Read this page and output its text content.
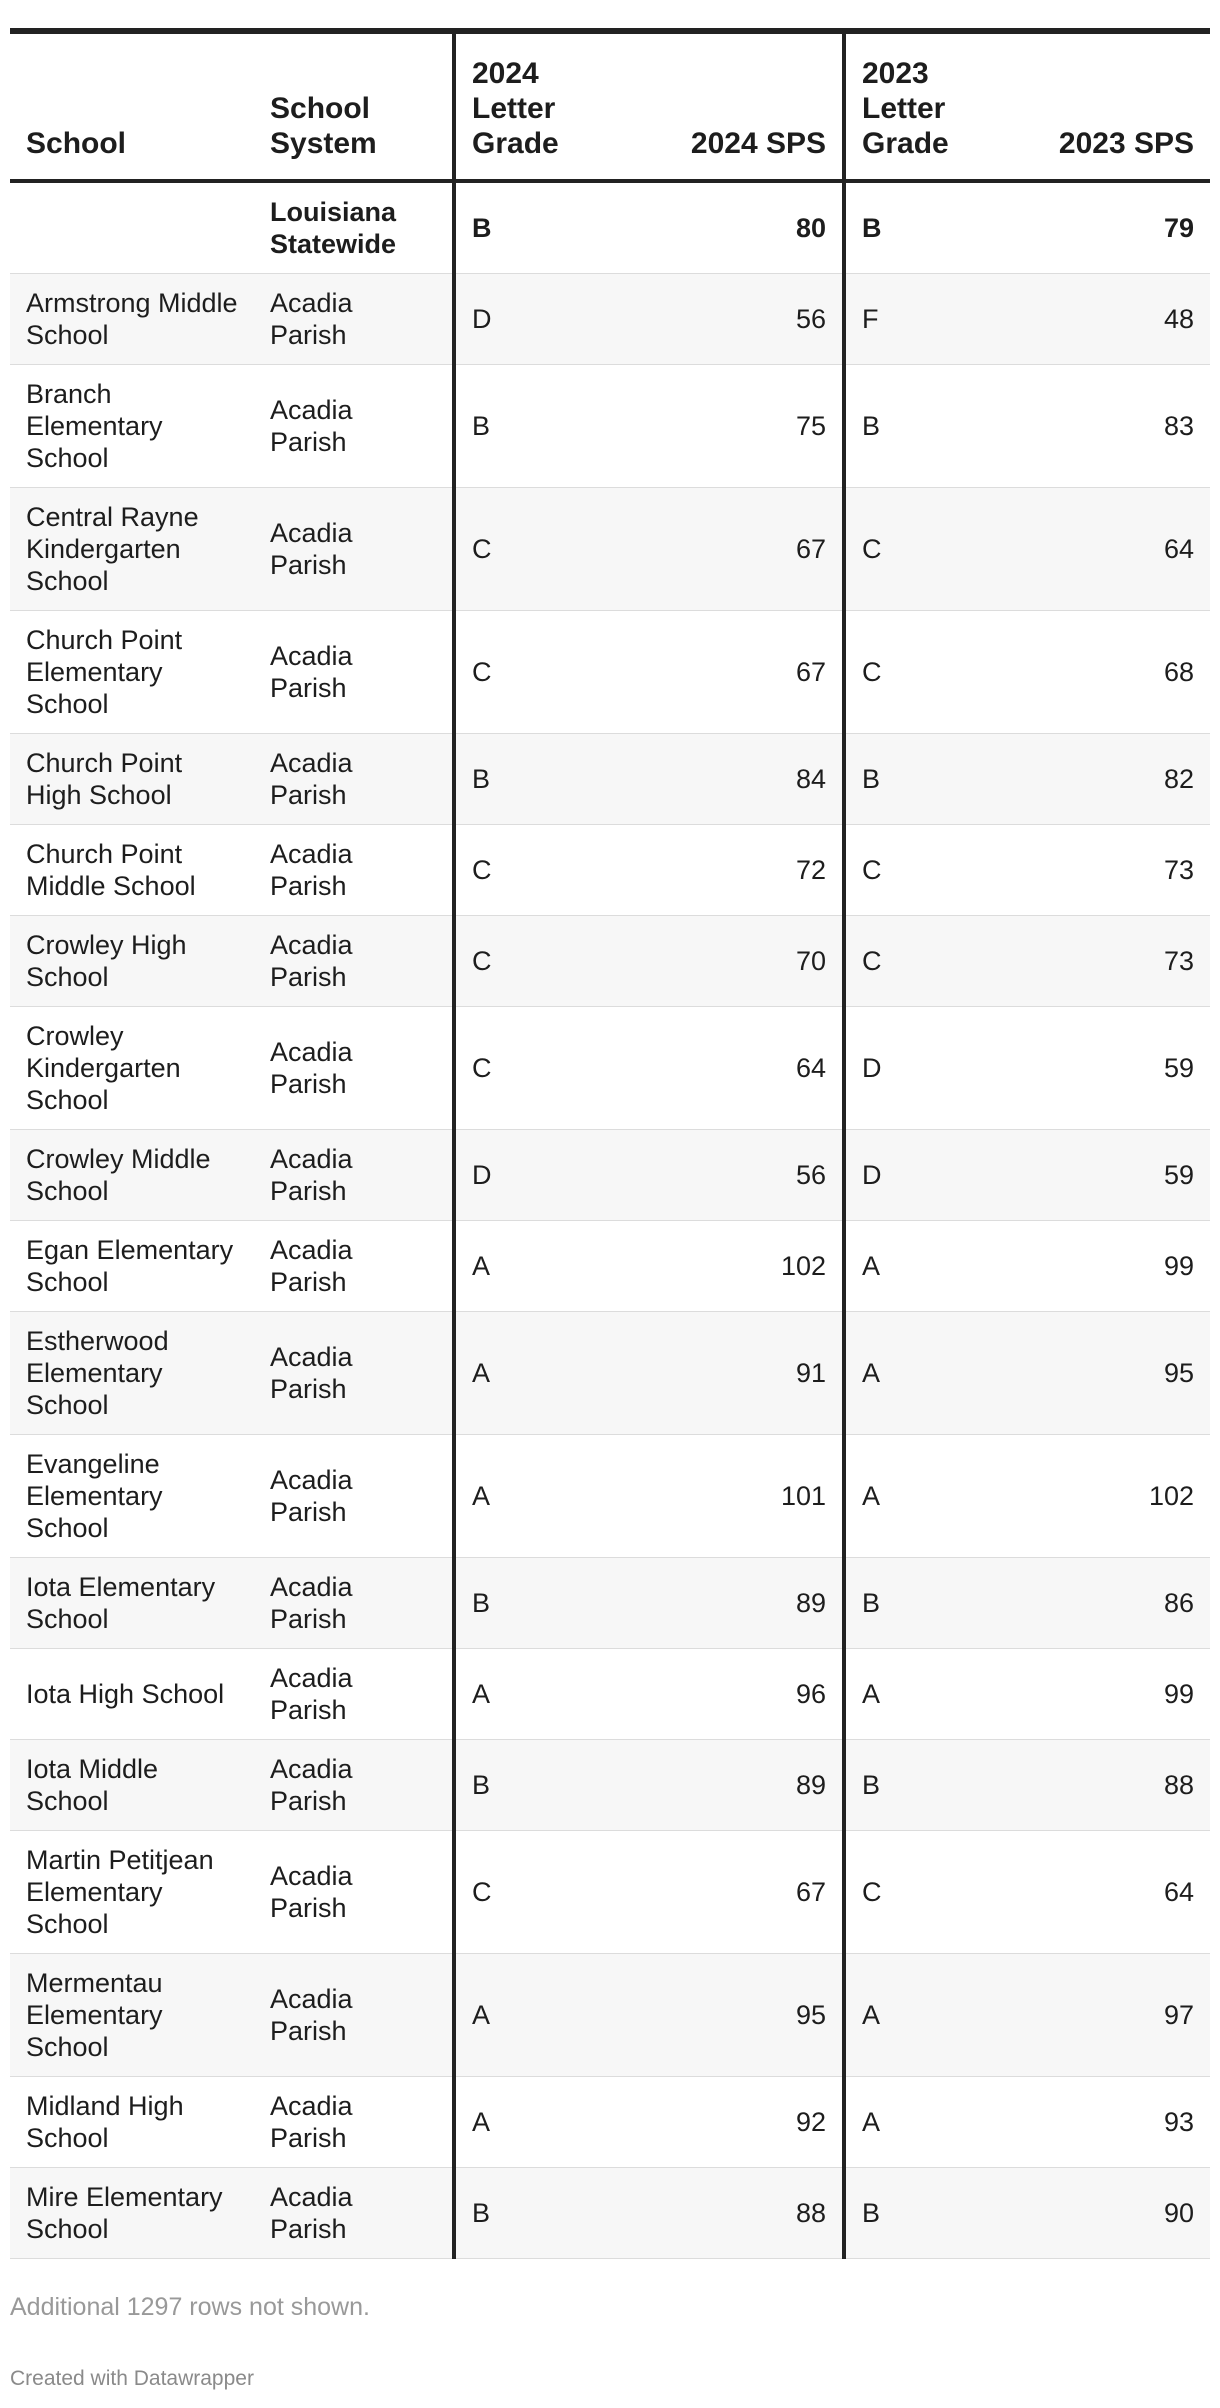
School	School System	2024 Letter Grade	2024 SPS	2023 Letter Grade	2023 SPS
	Louisiana Statewide	B	80	B	79
Armstrong Middle School	Acadia Parish	D	56	F	48
Branch Elementary School	Acadia Parish	B	75	B	83
Central Rayne Kindergarten School	Acadia Parish	C	67	C	64
Church Point Elementary School	Acadia Parish	C	67	C	68
Church Point High School	Acadia Parish	B	84	B	82
Church Point Middle School	Acadia Parish	C	72	C	73
Crowley High School	Acadia Parish	C	70	C	73
Crowley Kindergarten School	Acadia Parish	C	64	D	59
Crowley Middle School	Acadia Parish	D	56	D	59
Egan Elementary School	Acadia Parish	A	102	A	99
Estherwood Elementary School	Acadia Parish	A	91	A	95
Evangeline Elementary School	Acadia Parish	A	101	A	102
Iota Elementary School	Acadia Parish	B	89	B	86
Iota High School	Acadia Parish	A	96	A	99
Iota Middle School	Acadia Parish	B	89	B	88
Martin Petitjean Elementary School	Acadia Parish	C	67	C	64
Mermentau Elementary School	Acadia Parish	A	95	A	97
Midland High School	Acadia Parish	A	92	A	93
Mire Elementary School	Acadia Parish	B	88	B	90
Additional 1297 rows not shown.
Created with Datawrapper
